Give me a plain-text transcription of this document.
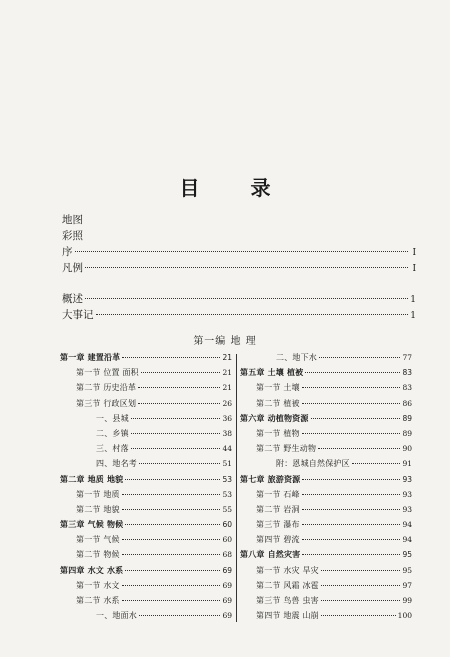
目 录
地图
彩照
序	I
凡例	I
概述	1
大事记	1
第一编 地 理
第一章 建置沿革	21
第一节 位置 面积	21
第二节 历史沿革	21
第三节 行政区划	26
一、县城	36
二、乡镇	38
三、村落	44
四、地名考	51
第二章 地质 地貌	53
第一节 地质	53
第二节 地貌	55
第三章 气候 物候	60
第一节 气候	60
第二节 物候	68
第四章 水文 水系	69
第一节 水文	69
第二节 水系	69
一、地面水	69
二、地下水	77
第五章 土壤 植被	83
第一节 土壤	83
第二节 植被	86
第六章 动植物资源	89
第一节 植物	89
第二节 野生动物	90
附：恩城自然保护区	91
第七章 旅游资源	93
第一节 石峰	93
第二节 岩洞	93
第三节 瀑布	94
第四节 碧流	94
第八章 自然灾害	95
第一节 水灾 旱灾	95
第二节 风霜 冰雹	97
第三节 鸟兽 虫害	99
第四节 地震 山崩	100
